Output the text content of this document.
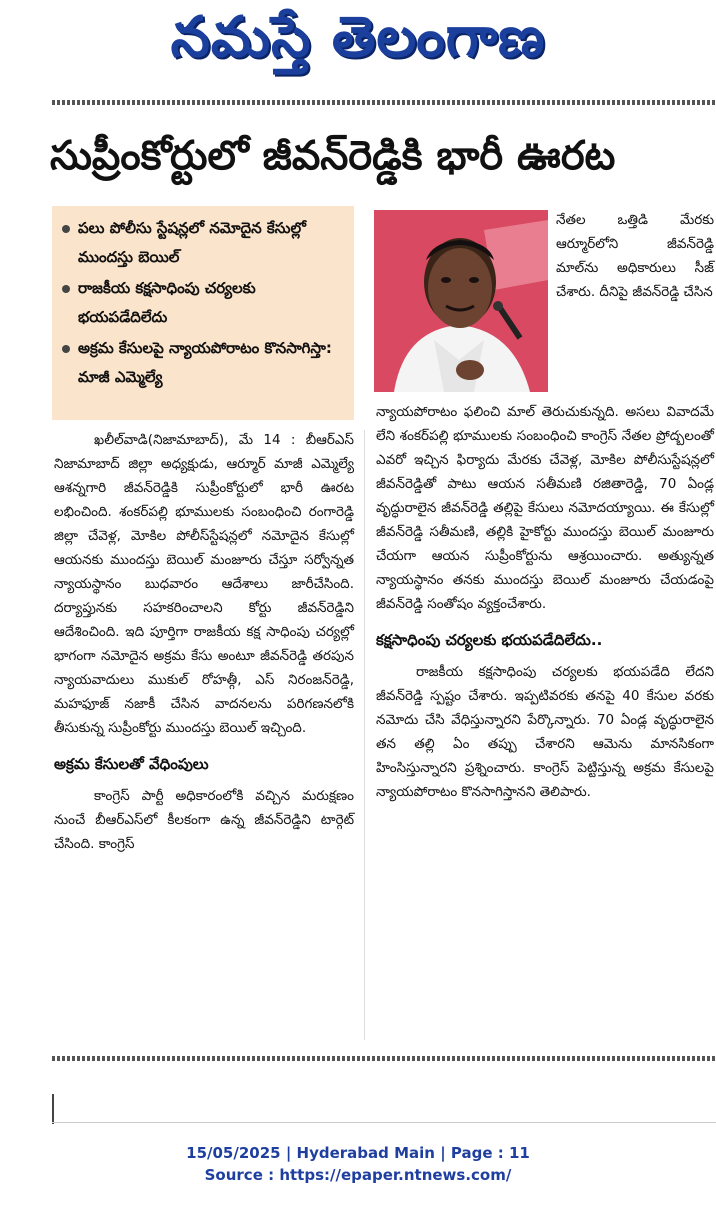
నమస్తే తెలంగాణ
సుప్రీంకోర్టులో జీవన్‌రెడ్డికి భారీ ఊరట
పలు పోలీసు స్టేషన్లలో నమోదైన కేసుల్లో ముందస్తు బెయిల్
రాజకీయ కక్షసాధింపు చర్యలకు భయపడేదిలేదు
అక్రమ కేసులపై న్యాయపోరాటం కొనసాగిస్తా: మాజీ ఎమ్మెల్యే

నేతల ఒత్తిడి మేరకు ఆర్మూర్‌లోని జీవన్‌రెడ్డి మాల్‌ను అధికారులు సీజ్ చేశారు. దీనిపై జీవన్‌రెడ్డి చేసిన

ఖలీల్‌వాడి(నిజామాబాద్), మే 14 : బీఆర్ఎస్ నిజామాబాద్ జిల్లా అధ్యక్షుడు, ఆర్మూర్ మాజీ ఎమ్మెల్యే ఆశన్నగారి జీవన్‌రెడ్డికి సుప్రీంకోర్టులో భారీ ఊరట లభించింది. శంకర్‌పల్లి భూములకు సంబంధించి రంగారెడ్డి జిల్లా చేవెళ్ల, మోకిల పోలీస్‌స్టేషన్లలో నమోదైన కేసుల్లో ఆయనకు ముందస్తు బెయిల్ మంజూరు చేస్తూ సర్వోన్నత న్యాయస్థానం బుధవారం ఆదేశాలు జారీచేసింది. దర్యాప్తునకు సహకరించాలని కోర్టు జీవన్‌రెడ్డిని ఆదేశించింది. ఇది పూర్తిగా రాజకీయ కక్ష సాధింపు చర్యల్లో భాగంగా నమోదైన అక్రమ కేసు అంటూ జీవన్‌రెడ్డి తరపున న్యాయవాదులు ముకుల్ రోహత్గీ, ఎస్ నిరంజన్‌రెడ్డి, మహఫూజ్ నజాకీ చేసిన వాదనలను పరిగణనలోకి తీసుకున్న సుప్రీంకోర్టు ముందస్తు బెయిల్ ఇచ్చింది.

అక్రమ కేసులతో వేధింపులు

కాంగ్రెస్ పార్టీ అధికారంలోకి వచ్చిన మరుక్షణం నుంచే బీఆర్ఎస్‌లో కీలకంగా ఉన్న జీవన్‌రెడ్డిని టార్గెట్ చేసింది. కాంగ్రెస్

న్యాయపోరాటం ఫలించి మాల్ తెరుచుకున్నది. అసలు వివాదమే లేని శంకర్‌పల్లి భూములకు సంబంధించి కాంగ్రెస్ నేతల ప్రోద్బలంతో ఎవరో ఇచ్చిన ఫిర్యాదు మేరకు చేవెళ్ల, మోకిల పోలీసుస్టేషన్లలో జీవన్‌రెడ్డితో పాటు ఆయన సతీమణి రజితారెడ్డి, 70 ఏండ్ల వృద్ధురాలైన జీవన్‌రెడ్డి తల్లిపై కేసులు నమోదయ్యాయి. ఈ కేసుల్లో జీవన్‌రెడ్డి సతీమణి, తల్లికి హైకోర్టు ముందస్తు బెయిల్ మంజూరు చేయగా ఆయన సుప్రీంకోర్టును ఆశ్రయించారు. అత్యున్నత న్యాయస్థానం తనకు ముందస్తు బెయిల్ మంజూరు చేయడంపై జీవన్‌రెడ్డి సంతోషం వ్యక్తంచేశారు.

కక్షసాధింపు చర్యలకు భయపడేదిలేదు..

రాజకీయ కక్షసాధింపు చర్యలకు భయపడేది లేదని జీవన్‌రెడ్డి స్పష్టం చేశారు. ఇప్పటివరకు తనపై 40 కేసుల వరకు నమోదు చేసి వేధిస్తున్నారని పేర్కొన్నారు. 70 ఏండ్ల వృద్ధురాలైన తన తల్లి ఏం తప్పు చేశారని ఆమెను మానసికంగా హింసిస్తున్నారని ప్రశ్నించారు. కాంగ్రెస్ పెట్టిస్తున్న అక్రమ కేసులపై న్యాయపోరాటం కొనసాగిస్తానని తెలిపారు.

15/05/2025 | Hyderabad Main | Page : 11
Source : https://epaper.ntnews.com/
